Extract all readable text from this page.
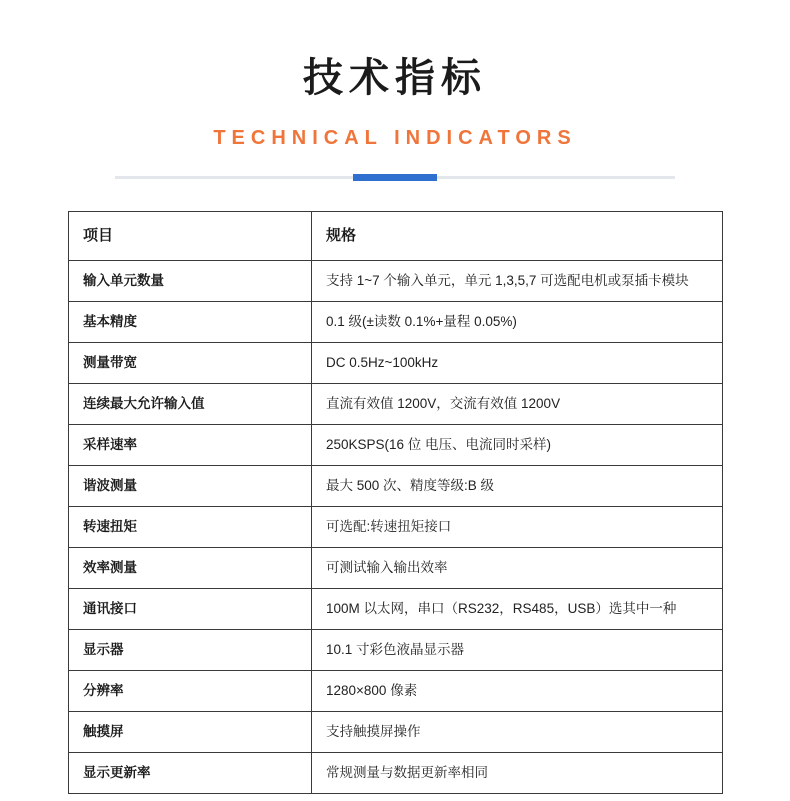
技术指标
TECHNICAL INDICATORS
项目	规格
输入单元数量	支持 1~7 个输入单元，单元 1,3,5,7 可选配电机或泵插卡模块
基本精度	0.1 级(±读数 0.1%+量程 0.05%)
测量带宽	DC 0.5Hz~100kHz
连续最大允许输入值	直流有效值 1200V，交流有效值 1200V
采样速率	250KSPS(16 位 电压、电流同时采样)
谐波测量	最大 500 次、精度等级:B 级
转速扭矩	可选配:转速扭矩接口
效率测量	可测试输入输出效率
通讯接口	100M 以太网，串口（RS232，RS485，USB）选其中一种
显示器	10.1 寸彩色液晶显示器
分辨率	1280×800 像素
触摸屏	支持触摸屏操作
显示更新率	常规测量与数据更新率相同
